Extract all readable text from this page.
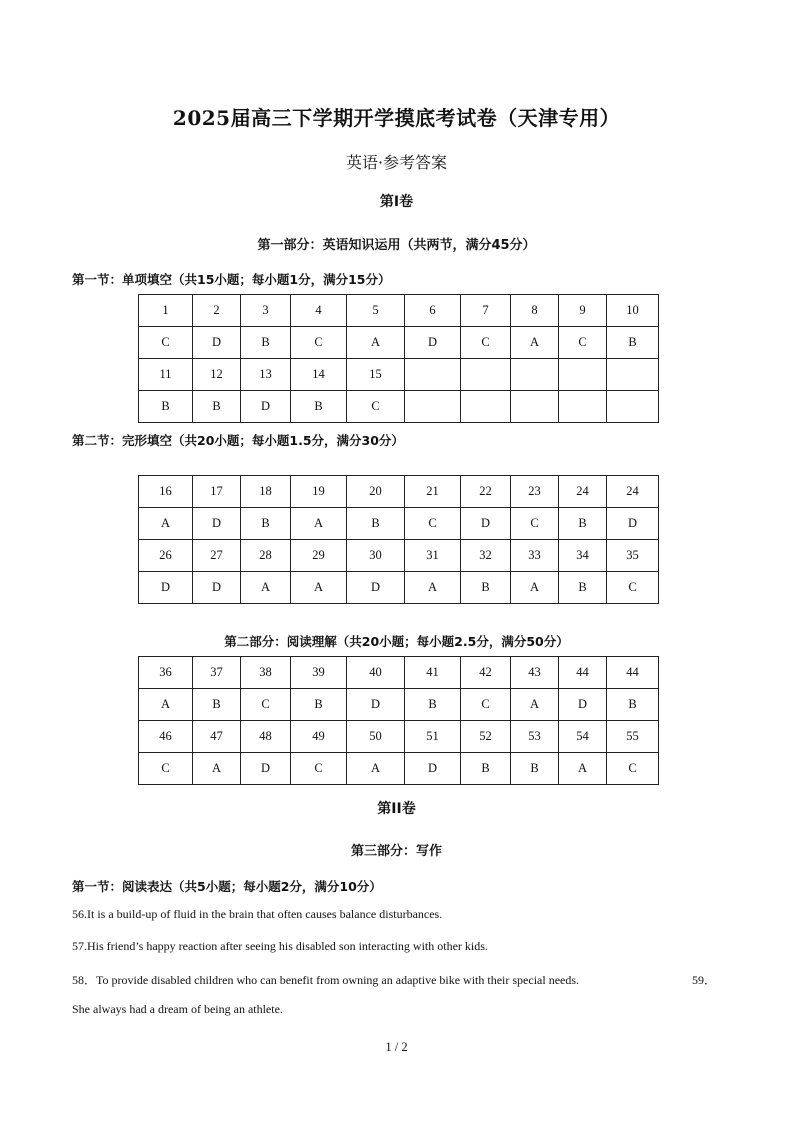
2025届高三下学期开学摸底考试卷（天津专用）
英语·参考答案
第I卷
第一部分：英语知识运用（共两节，满分45分）
第一节：单项填空（共15小题；每小题1分，满分15分）
1	2	3	4	5	6	7	8	9	10
C	D	B	C	A	D	C	A	C	B
11	12	13	14	15					
B	B	D	B	C					
第二节：完形填空（共20小题；每小题1.5分，满分30分）
16	17	18	19	20	21	22	23	24	24
A	D	B	A	B	C	D	C	B	D
26	27	28	29	30	31	32	33	34	35
D	D	A	A	D	A	B	A	B	C
第二部分：阅读理解（共20小题；每小题2.5分，满分50分）
36	37	38	39	40	41	42	43	44	44
A	B	C	B	D	B	C	A	D	B
46	47	48	49	50	51	52	53	54	55
C	A	D	C	A	D	B	B	A	C
第II卷
第三部分：写作
第一节：阅读表达（共5小题；每小题2分，满分10分）
56.It is a build-up of fluid in the brain that often causes balance disturbances.
57.His friend’s happy reaction after seeing his disabled son interacting with other kids.
58．To provide disabled children who can benefit from owning an adaptive bike with their special needs.	59．
She always had a dream of being an athlete.
1 / 2
